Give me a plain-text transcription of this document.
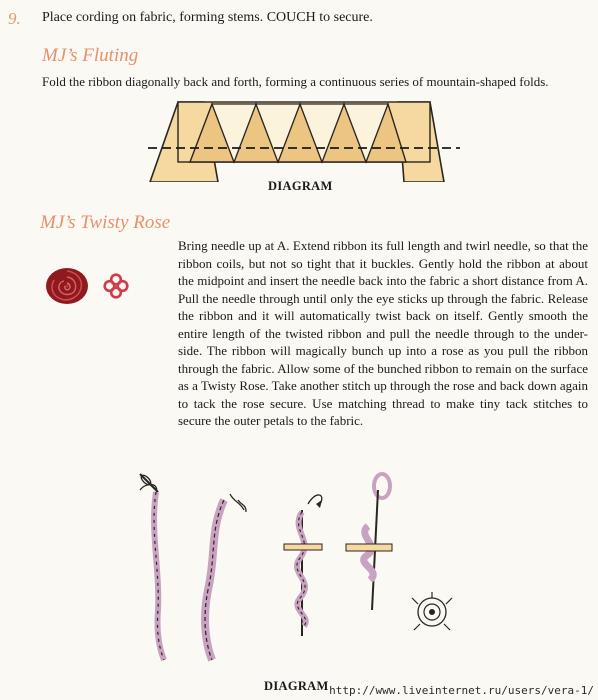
9. Place cording on fabric, forming stems. COUCH to secure.
MJ’s Fluting
Fold the ribbon diagonally back and forth, forming a continuous series of mountain-shaped folds.
DIAGRAM
MJ’s Twisty Rose
Bring needle up at A. Extend ribbon its full length and twirl needle, so that the ribbon coils, but not so tight that it buckles. Gently hold the ribbon at about the midpoint and insert the needle back into the fabric a short distance from A. Pull the needle through until only the eye sticks up through the fabric. Release the ribbon and it will automatically twist back on itself. Gently smooth the entire length of the twisted ribbon and pull the needle through to the under-side. The ribbon will magically bunch up into a rose as you pull the ribbon through the fabric. Allow some of the bunched ribbon to remain on the surface as a Twisty Rose. Take another stitch up through the rose and back down again to tack the rose secure. Use matching thread to make tiny tack stitches to secure the outer petals to the fabric.
DIAGRAM http://www.liveinternet.ru/users/vera-1/
